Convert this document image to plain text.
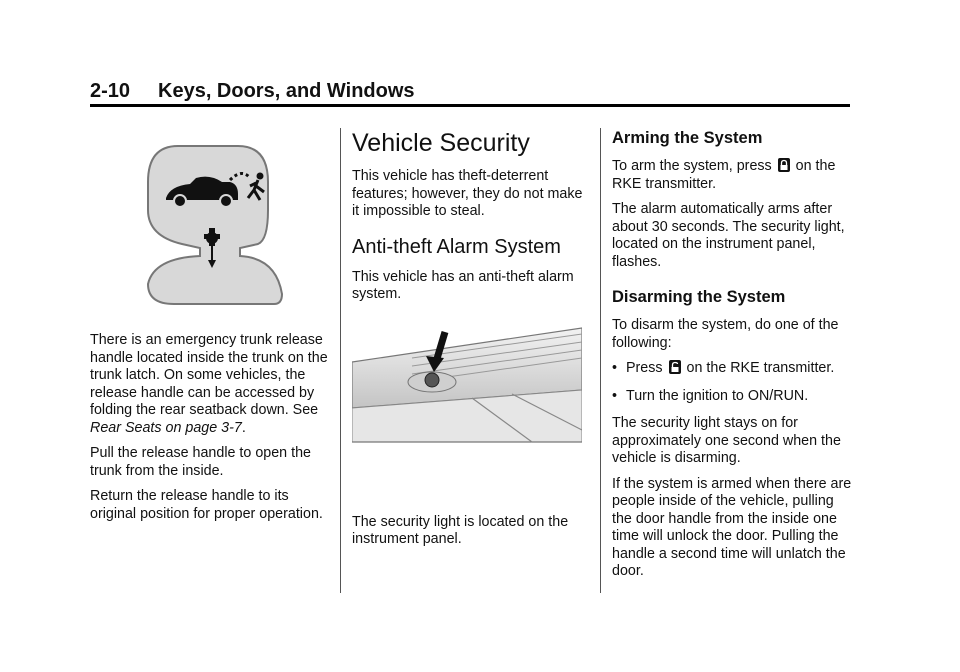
2-10 Keys, Doors, and Windows

There is an emergency trunk release handle located inside the trunk on the trunk latch. On some vehicles, the release handle can be accessed by folding the rear seatback down. See Rear Seats on page 3-7.

Pull the release handle to open the trunk from the inside.

Return the release handle to its original position for proper operation.

Vehicle Security

This vehicle has theft-deterrent features; however, they do not make it impossible to steal.

Anti-theft Alarm System

This vehicle has an anti-theft alarm system.

The security light is located on the instrument panel.

Arming the System

To arm the system, press on the RKE transmitter.

The alarm automatically arms after about 30 seconds. The security light, located on the instrument panel, flashes.

Disarming the System

To disarm the system, do one of the following:

• Press on the RKE transmitter.
• Turn the ignition to ON/RUN.

The security light stays on for approximately one second when the vehicle is disarming.

If the system is armed when there are people inside of the vehicle, pulling the door handle from the inside one time will unlock the door. Pulling the handle a second time will unlatch the door.
